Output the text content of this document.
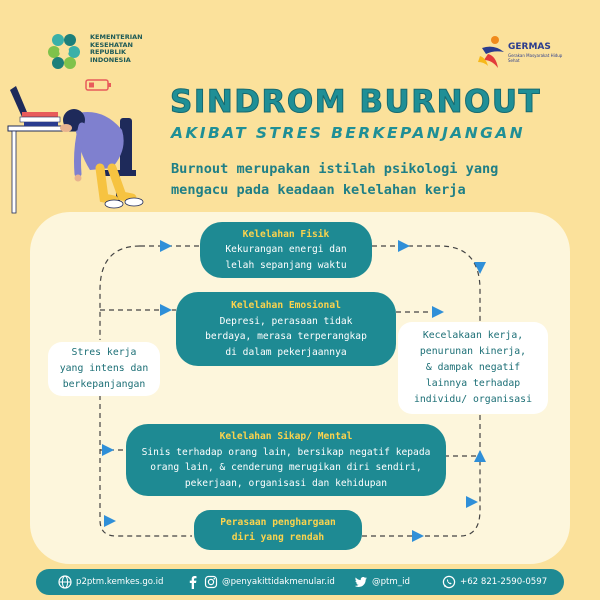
KEMENTERIAN
KESEHATAN
REPUBLIK
INDONESIA
GERMAS
Gerakan Masyarakat Hidup Sehat
SINDROM BURNOUT
AKIBAT STRES BERKEPANJANGAN
Burnout merupakan istilah psikologi yang
mengacu pada keadaan kelelahan kerja
Stres kerja
yang intens dan
berkepanjangan
Kecelakaan kerja,
penurunan kinerja,
& dampak negatif
lainnya terhadap
individu/ organisasi
Kelelahan Fisik
Kekurangan energi dan
lelah sepanjang waktu
Kelelahan Emosional
Depresi, perasaan tidak
berdaya, merasa terperangkap
di dalam pekerjaannya
Kelelahan Sikap/ Mental
Sinis terhadap orang lain, bersikap negatif kepada
orang lain, & cenderung merugikan diri sendiri,
pekerjaan, organisasi dan kehidupan
Perasaan penghargaan
diri yang rendah
p2ptm.kemkes.go.id	@penyakittidakmenular.id	@ptm_id	+62 821-2590-0597
